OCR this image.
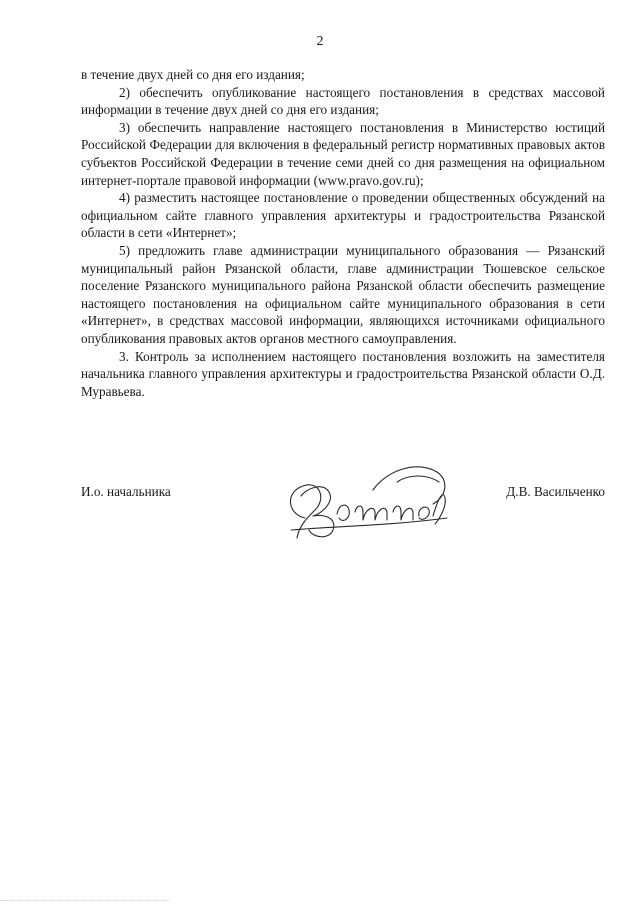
2

в течение двух дней со дня его издания;

2) обеспечить опубликование настоящего постановления в средствах массовой информации в течение двух дней со дня его издания;

3) обеспечить направление настоящего постановления в Министерство юстиций Российской Федерации для включения в федеральный регистр нормативных правовых актов субъектов Российской Федерации в течение семи дней со дня размещения на официальном интернет-портале правовой информации (www.pravo.gov.ru);

4) разместить настоящее постановление о проведении общественных обсуждений на официальном сайте главного управления архитектуры и градостроительства Рязанской области в сети «Интернет»;

5) предложить главе администрации муниципального образования — Рязанский муниципальный район Рязанской области, главе администрации Тюшевское сельское поселение Рязанского муниципального района Рязанской области обеспечить размещение настоящего постановления на официальном сайте муниципального образования в сети «Интернет», в средствах массовой информации, являющихся источниками официального опубликования правовых актов органов местного самоуправления.

3. Контроль за исполнением настоящего постановления возложить на заместителя начальника главного управления архитектуры и градостроительства Рязанской области О.Д. Муравьева.

И.о. начальника	Д.В. Васильченко
